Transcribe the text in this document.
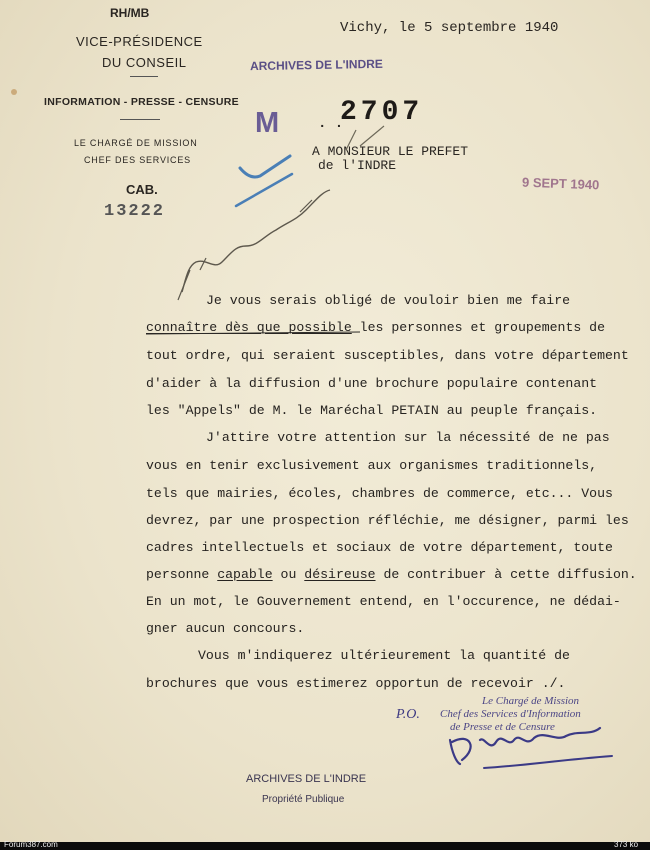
RH/MB
VICE-PRÉSIDENCE
DU CONSEIL
INFORMATION - PRESSE - CENSURE
LE CHARGÉ DE MISSION
CHEF DES SERVICES
CAB.
13222
Vichy, le 5 septembre 1940
ARCHIVES DE L'INDRE
M	. .
2707
A MONSIEUR LE PREFET
de l'INDRE
9 SEPT 1940
Je vous serais obligé de vouloir bien me faire
connaître dès que possible les personnes et groupements de
tout ordre, qui seraient susceptibles, dans votre département
d'aider à la diffusion d'une brochure populaire contenant
les "Appels" de M. le Maréchal PETAIN au peuple français.
J'attire votre attention sur la nécessité de ne pas
vous en tenir exclusivement aux organismes traditionnels,
tels que mairies, écoles, chambres de commerce, etc... Vous
devrez, par une prospection réfléchie, me désigner, parmi les
cadres intellectuels et sociaux de votre département, toute
personne capable ou désireuse de contribuer à cette diffusion.
En un mot, le Gouvernement entend, en l'occurence, ne dédai-
gner aucun concours.
Vous m'indiquerez ultérieurement la quantité de
brochures que vous estimerez opportun de recevoir ./.
Le Chargé de Mission
Chef des Services d'Information
de Presse et de Censure
ARCHIVES DE L'INDRE
Propriété Publique
P.O.
Forum387.com	373 ko
